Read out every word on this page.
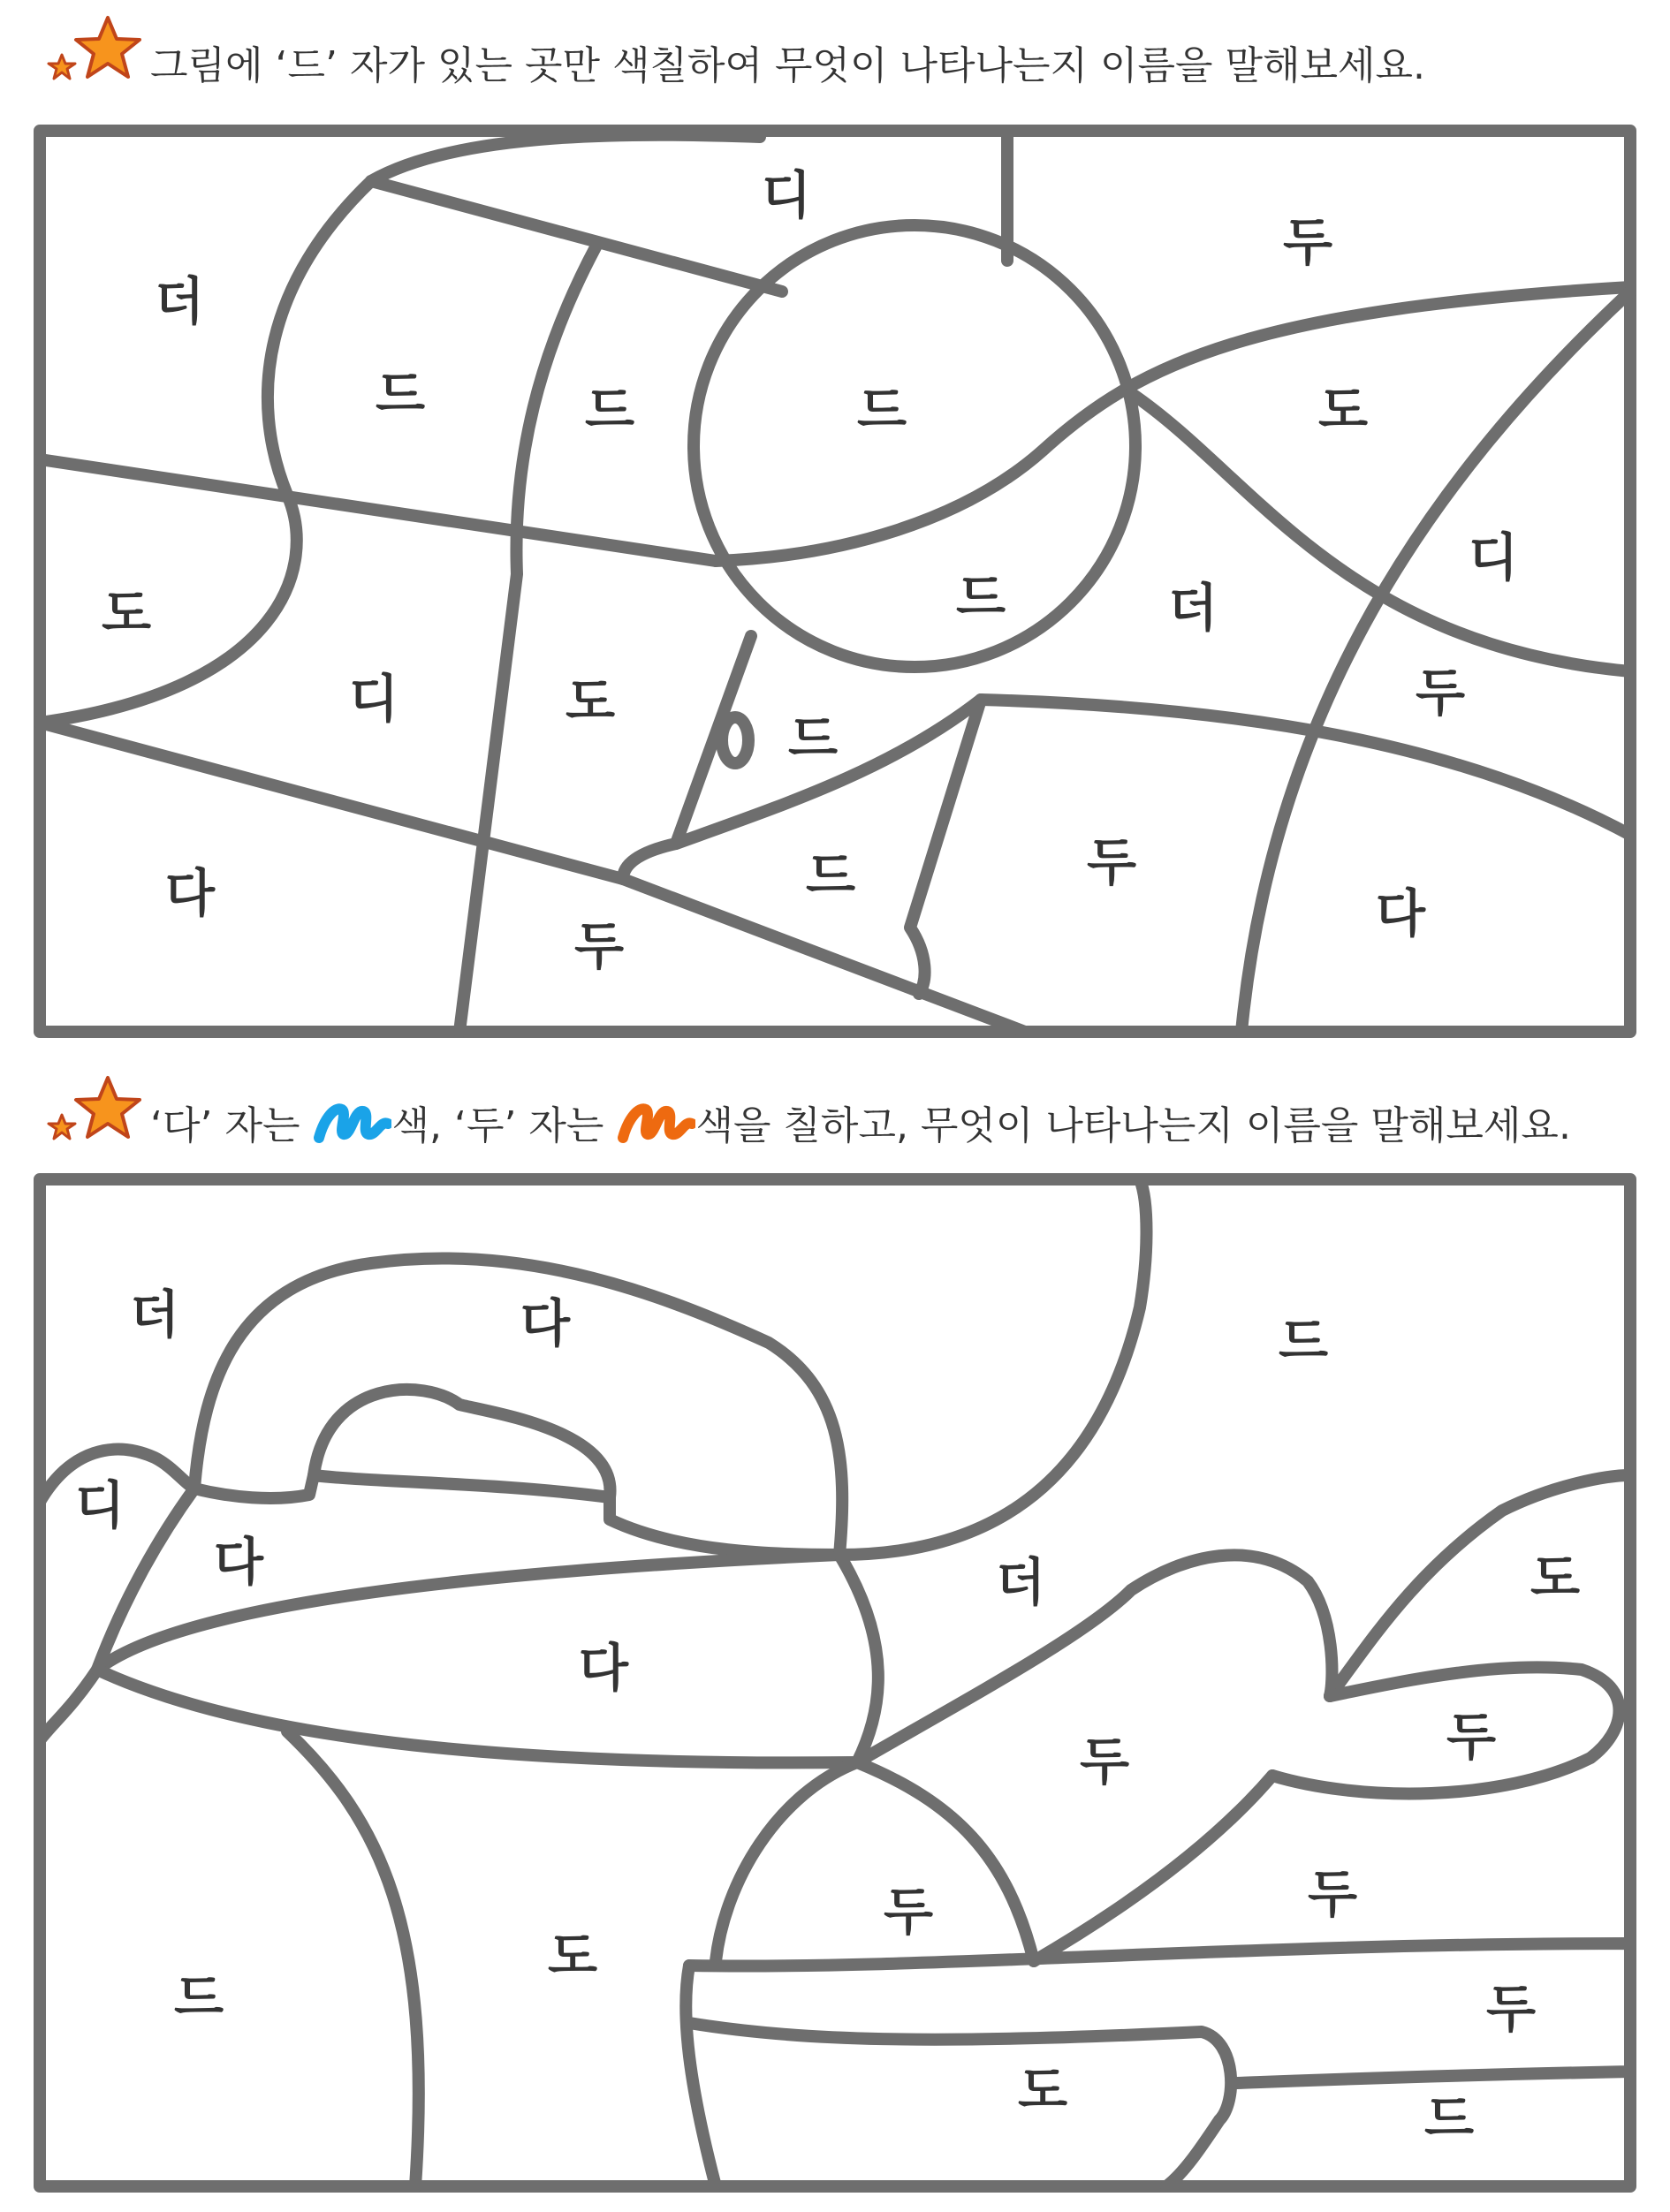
그림에 ‘드’ 자가 있는 곳만 색칠하여 무엇이 나타나는지 이름을 말해보세요.
디
두
더
드	드	드	도
도
디
드	더
디	도
드
두
다	드	두
두
다
‘다’ 자는 색, ‘두’ 자는 색을 칠하고, 무엇이 나타나는지 이름을 말해보세요.
더	다	드
디
다	더	도
다
두	두
드
도
두	두
두
도	드
